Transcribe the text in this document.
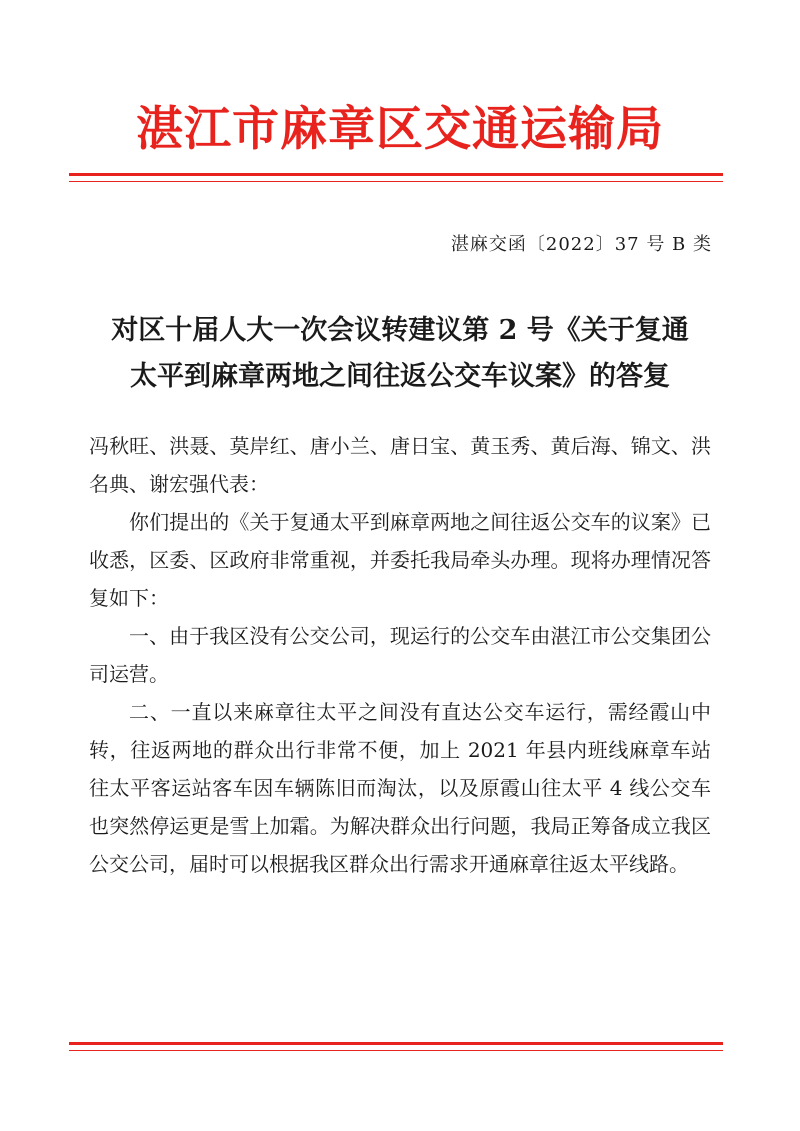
湛江市麻章区交通运输局
湛麻交函〔2022〕37 号 B 类
对区十届人大一次会议转建议第 2 号《关于复通
太平到麻章两地之间往返公交车议案》的答复

冯秋旺、洪聂、莫岸红、唐小兰、唐日宝、黄玉秀、黄后海、锦文、洪名典、谢宏强代表：

你们提出的《关于复通太平到麻章两地之间往返公交车的议案》已收悉，区委、区政府非常重视，并委托我局牵头办理。现将办理情况答复如下：

一、由于我区没有公交公司，现运行的公交车由湛江市公交集团公司运营。

二、一直以来麻章往太平之间没有直达公交车运行，需经霞山中转，往返两地的群众出行非常不便，加上 2021 年县内班线麻章车站往太平客运站客车因车辆陈旧而淘汰，以及原霞山往太平 4 线公交车也突然停运更是雪上加霜。为解决群众出行问题，我局正筹备成立我区公交公司，届时可以根据我区群众出行需求开通麻章往返太平线路。
